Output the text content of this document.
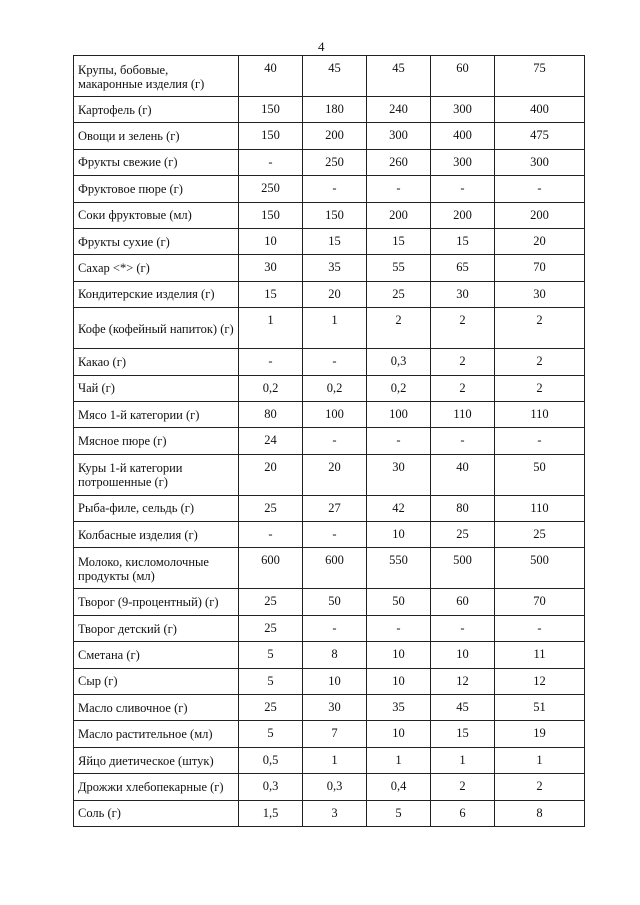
4
Крупы, бобовые, макаронные изделия (г)	40	45	45	60	75
Картофель (г)	150	180	240	300	400
Овощи и зелень (г)	150	200	300	400	475
Фрукты свежие (г)	-	250	260	300	300
Фруктовое пюре (г)	250	-	-	-	-
Соки фруктовые (мл)	150	150	200	200	200
Фрукты сухие (г)	10	15	15	15	20
Сахар <*> (г)	30	35	55	65	70
Кондитерские изделия (г)	15	20	25	30	30
Кофе (кофейный напиток) (г)	1	1	2	2	2
Какао (г)	-	-	0,3	2	2
Чай (г)	0,2	0,2	0,2	2	2
Мясо 1-й категории (г)	80	100	100	110	110
Мясное пюре (г)	24	-	-	-	-
Куры 1-й категории потрошенные (г)	20	20	30	40	50
Рыба-филе, сельдь (г)	25	27	42	80	110
Колбасные изделия (г)	-	-	10	25	25
Молоко, кисломолочные продукты (мл)	600	600	550	500	500
Творог (9-процентный) (г)	25	50	50	60	70
Творог детский (г)	25	-	-	-	-
Сметана (г)	5	8	10	10	11
Сыр (г)	5	10	10	12	12
Масло сливочное (г)	25	30	35	45	51
Масло растительное (мл)	5	7	10	15	19
Яйцо диетическое (штук)	0,5	1	1	1	1
Дрожжи хлебопекарные (г)	0,3	0,3	0,4	2	2
Соль (г)	1,5	3	5	6	8
